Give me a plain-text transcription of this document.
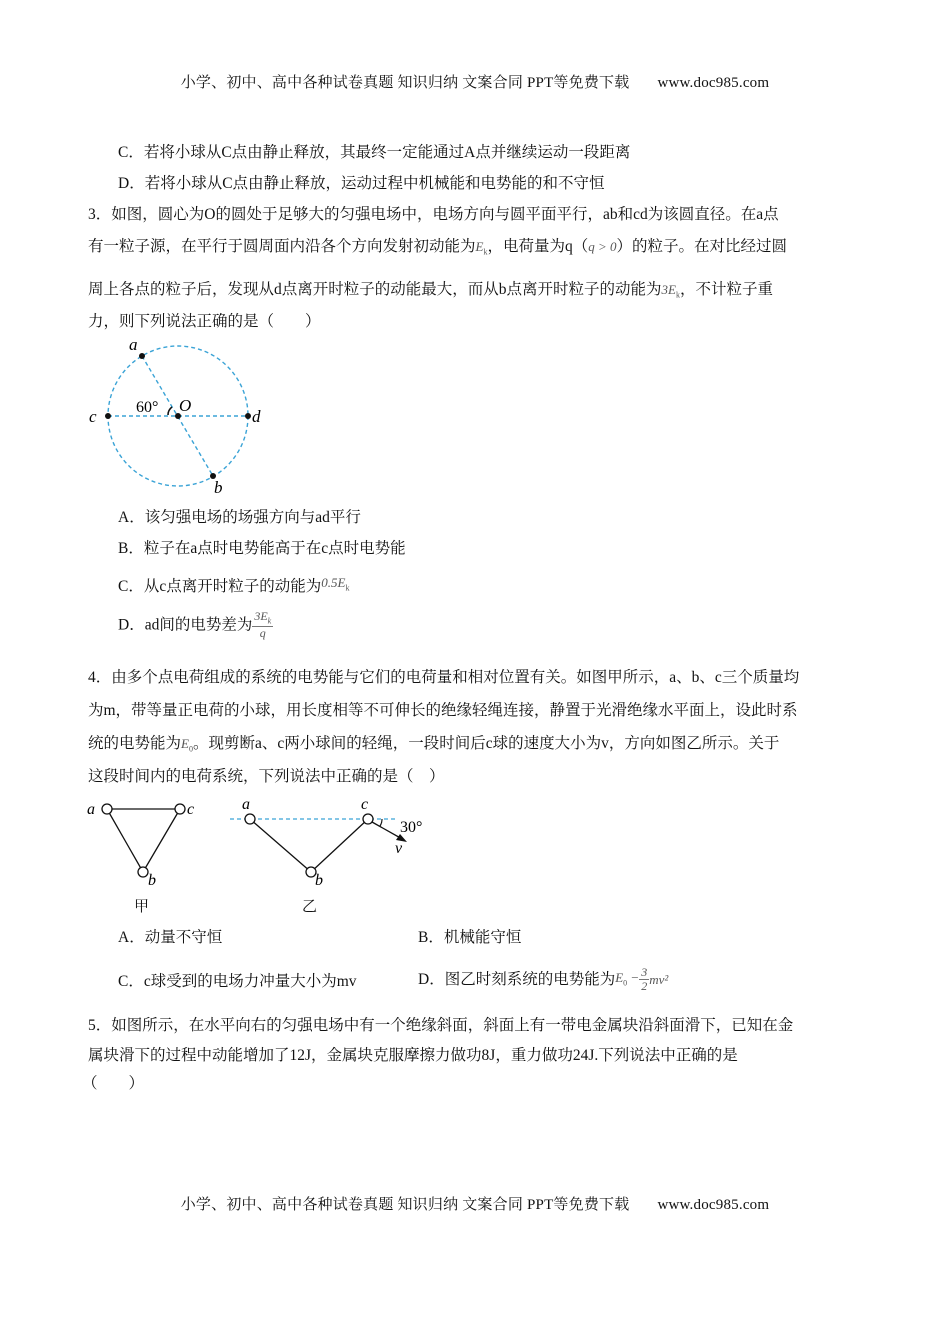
小学、初中、高中各种试卷真题 知识归纳 文案合同 PPT等免费下载 www.doc985.com
C．若将小球从C点由静止释放，其最终一定能通过A点并继续运动一段距离
D．若将小球从C点由静止释放，运动过程中机械能和电势能的和不守恒
3．如图，圆心为O的圆处于足够大的匀强电场中，电场方向与圆平面平行，ab和cd为该圆直径。在a点
有一粒子源，在平行于圆周面内沿各个方向发射初动能为$E_k$，电荷量为q（q > 0）的粒子。在对比经过圆
周上各点的粒子后，发现从d点离开时粒子的动能最大，而从b点离开时粒子的动能为$3E_k$，不计粒子重
力，则下列说法正确的是（　　）
a
b
c	d
O
60°
A．该匀强电场的场强方向与ad平行
B．粒子在a点时电势能高于在c点时电势能
C．从c点离开时粒子的动能为$^{0.5E_k}$
D．ad间的电势差为 $\frac{3E_k}{q}$
4．由多个点电荷组成的系统的电势能与它们的电荷量和相对位置有关。如图甲所示，a、b、c三个质量均
为m，带等量正电荷的小球，用长度相等不可伸长的绝缘轻绳连接，静置于光滑绝缘水平面上，设此时系
统的电势能为$E_0$。现剪断a、c两小球间的轻绳，一段时间后c球的速度大小为v，方向如图乙所示。关于
这段时间内的电荷系统，下列说法中正确的是（　）
a	c
b
a	c
b
v
30°
甲	乙
A．动量不守恒	B．机械能守恒
C．c球受到的电场力冲量大小为mv	D．图乙时刻系统的电势能为$E_0 - \frac{3}{2} mv^2$
5．如图所示，在水平向右的匀强电场中有一个绝缘斜面，斜面上有一带电金属块沿斜面滑下，已知在金
属块滑下的过程中动能增加了12J，金属块克服摩擦力做功8J，重力做功24J.下列说法中正确的是
（　　）
小学、初中、高中各种试卷真题 知识归纳 文案合同 PPT等免费下载 www.doc985.com
